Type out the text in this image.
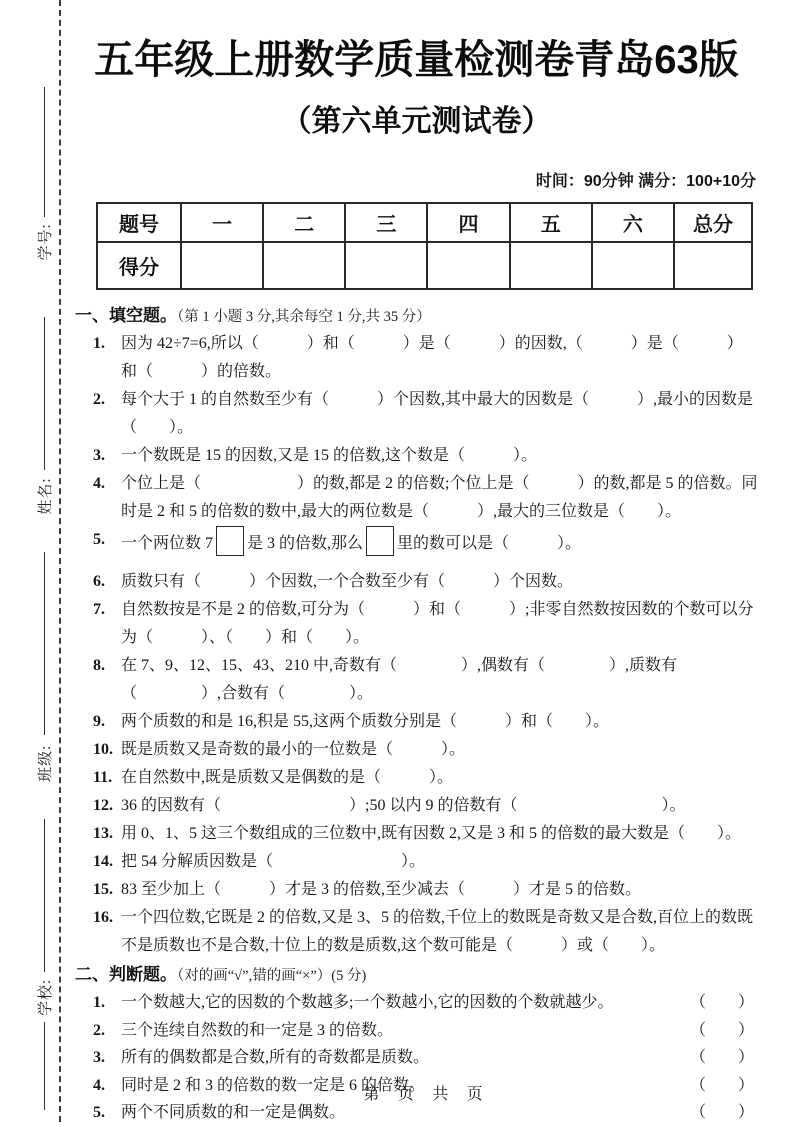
学校:
班级:
姓名:
学号:
五年级上册数学质量检测卷青岛63版
（第六单元测试卷）
时间：90分钟 满分：100+10分
题号	一	二	三	四	五	六	总分
得分							
一、填空题。（第 1 小题 3 分,其余每空 1 分,共 35 分）
1.	因为 42÷7=6,所以（　　　）和（　　　）是（　　　）的因数,（　　　）是（　　　）和（　　　）的倍数。
2.	每个大于 1 的自然数至少有（　　　）个因数,其中最大的因数是（　　　）,最小的因数是（　　）。
3.	一个数既是 15 的因数,又是 15 的倍数,这个数是（　　　）。
4.	个位上是（　　　　　　）的数,都是 2 的倍数;个位上是（　　　）的数,都是 5 的倍数。同时是 2 和 5 的倍数的数中,最大的两位数是（　　　）,最大的三位数是（　　）。
5.	一个两位数 7 是 3 的倍数,那么 里的数可以是（　　　）。
6.	质数只有（　　　）个因数,一个合数至少有（　　　）个因数。
7.	自然数按是不是 2 的倍数,可分为（　　　）和（　　　）;非零自然数按因数的个数可以分为（　　　）、（　　）和（　　）。
8.	在 7、9、12、15、43、210 中,奇数有（　　　　）,偶数有（　　　　）,质数有（　　　　）,合数有（　　　　）。
9.	两个质数的和是 16,积是 55,这两个质数分别是（　　　）和（　　）。
10. 既是质数又是奇数的最小的一位数是（　　　）。
11. 在自然数中,既是质数又是偶数的是（　　　）。
12. 36 的因数有（　　　　　　　　）;50 以内 9 的倍数有（　　　　　　　　　）。
13. 用 0、1、5 这三个数组成的三位数中,既有因数 2,又是 3 和 5 的倍数的最大数是（　　）。
14. 把 54 分解质因数是（　　　　　　　　）。
15. 83 至少加上（　　　）才是 3 的倍数,至少减去（　　　）才是 5 的倍数。
16. 一个四位数,它既是 2 的倍数,又是 3、5 的倍数,千位上的数既是奇数又是合数,百位上的数既不是质数也不是合数,十位上的数是质数,这个数可能是（　　　）或（　　）。
二、判断题。（对的画“√”,错的画“×”）(5 分)
1.	一个数越大,它的因数的个数越多;一个数越小,它的因数的个数就越少。	（　　）
2.	三个连续自然数的和一定是 3 的倍数。	（　　）
3.	所有的偶数都是合数,所有的奇数都是质数。	（　　）
4.	同时是 2 和 3 的倍数的数一定是 6 的倍数。	（　　）
5.	两个不同质数的和一定是偶数。	（　　）
第 页 共 页
